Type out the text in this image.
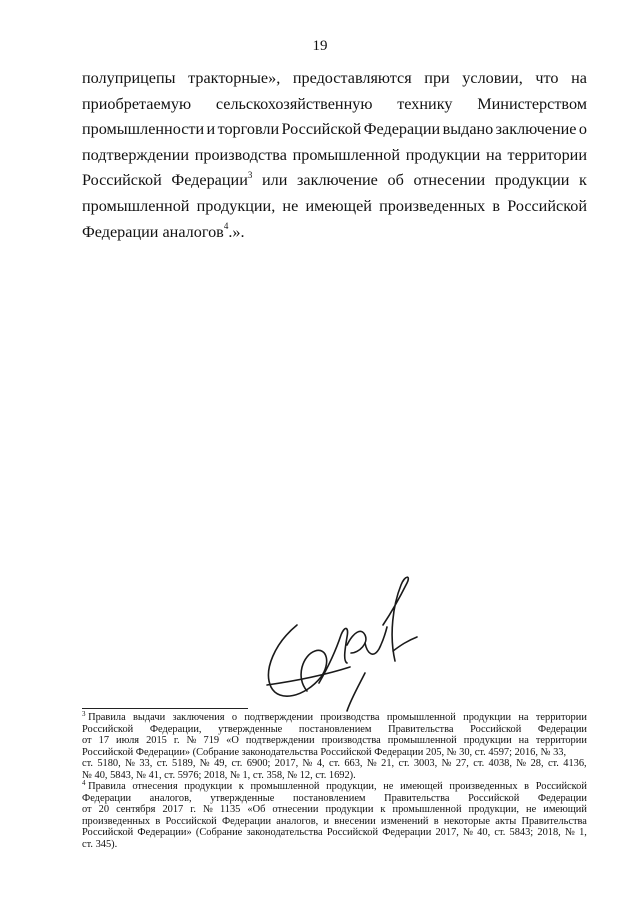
19
полуприцепы тракторные», предоставляются при условии, что на
приобретаемую сельскохозяйственную технику Министерством
промышленности и торговли Российской Федерации выдано заключение о
подтверждении производства промышленной продукции на территории
Российской Федерации$^3$ или заключение об отнесении продукции к
промышленной продукции, не имеющей произведенных в Российской
Федерации аналогов$^4$.».
$^3$ Правила выдачи заключения о подтверждении производства промышленной продукции на территории
Российской Федерации, утвержденные постановлением Правительства Российской Федерации
от 17 июля 2015 г. № 719 «О подтверждении производства промышленной продукции на территории
Российской Федерации» (Собрание законодательства Российской Федерации 205, № 30, ст. 4597; 2016, № 33,
ст. 5180, № 33, ст. 5189, № 49, ст. 6900; 2017, № 4, ст. 663, № 21, ст. 3003, № 27, ст. 4038, № 28, ст. 4136,
№ 40, 5843, № 41, ст. 5976; 2018, № 1, ст. 358, № 12, ст. 1692).
$^4$ Правила отнесения продукции к промышленной продукции, не имеющей произведенных в Российской
Федерации аналогов, утвержденные постановлением Правительства Российской Федерации
от 20 сентября 2017 г. № 1135 «Об отнесении продукции к промышленной продукции, не имеющий
произведенных в Российской Федерации аналогов, и внесении изменений в некоторые акты Правительства
Российской Федерации» (Собрание законодательства Российской Федерации 2017, № 40, ст. 5843; 2018, № 1,
ст. 345).
